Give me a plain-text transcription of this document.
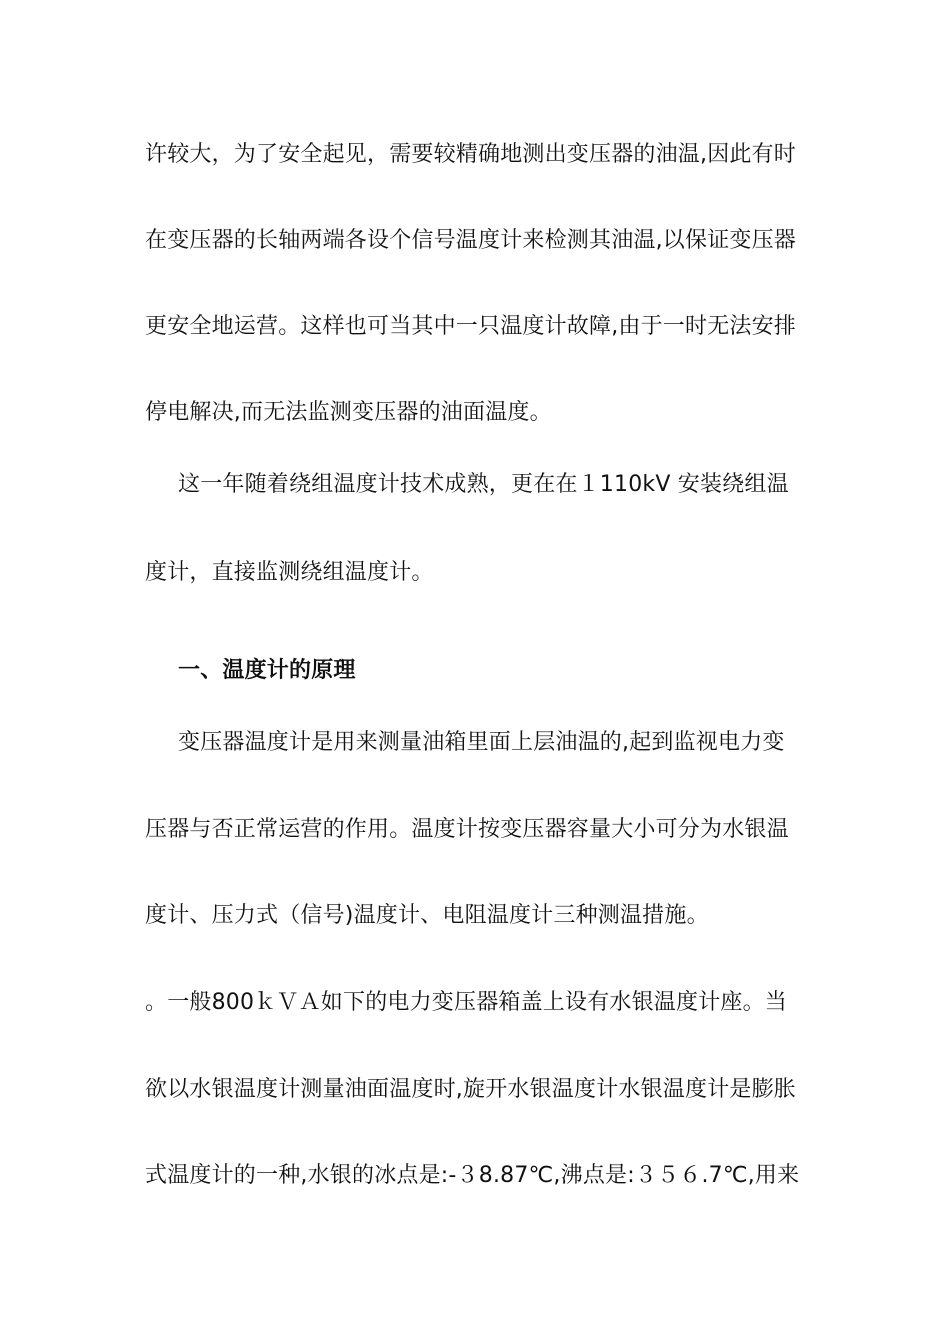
许较大，为了安全起见，需要较精确地测出变压器的油温,因此有时
在变压器的长轴两端各设个信号温度计来检测其油温,以保证变压器
更安全地运营。这样也可当其中一只温度计故障,由于一时无法安排
停电解决,而无法监测变压器的油面温度。
这一年随着绕组温度计技术成熟，更在在１110kV 安装绕组温
度计，直接监测绕组温度计。
一、温度计的原理
变压器温度计是用来测量油箱里面上层油温的,起到监视电力变
压器与否正常运营的作用。温度计按变压器容量大小可分为水银温
度计、压力式（信号)温度计、电阻温度计三种测温措施。
。一般800ｋＶＡ如下的电力变压器箱盖上设有水银温度计座。当
欲以水银温度计测量油面温度时,旋开水银温度计水银温度计是膨胀
式温度计的一种,水银的冰点是:-３8.87℃,沸点是:３５６.7℃,用来
